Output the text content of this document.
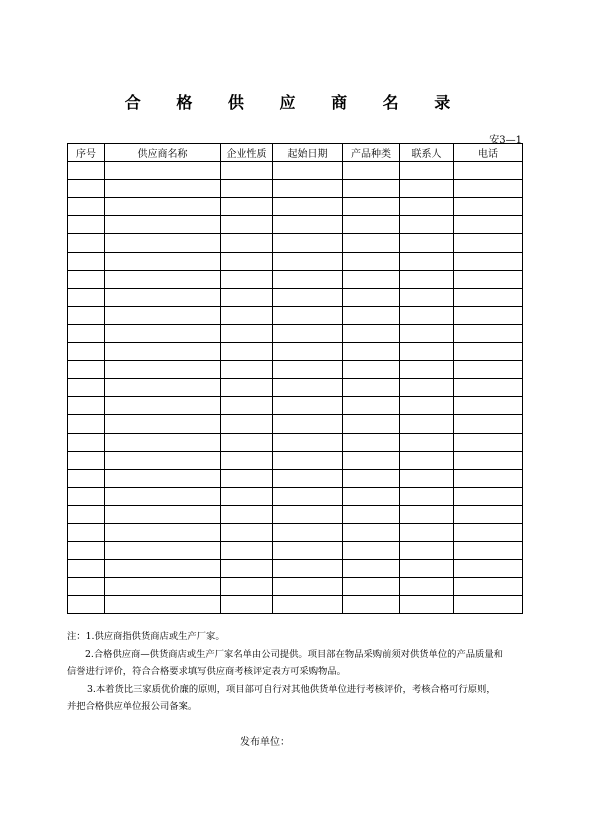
合 格 供 应 商 名 录
安3—1
序号	供应商名称	企业性质	起始日期	产品种类	联系人	电话

注：1.供应商指供货商店或生产厂家。

2.合格供应商—供货商店或生产厂家名单由公司提供。项目部在物品采购前须对供货单位的产品质量和

信誉进行评价，符合合格要求填写供应商考核评定表方可采购物品。

3.本着货比三家质优价廉的原则，项目部可自行对其他供货单位进行考核评价，考核合格可行原则，

并把合格供应单位报公司备案。

发布单位：
